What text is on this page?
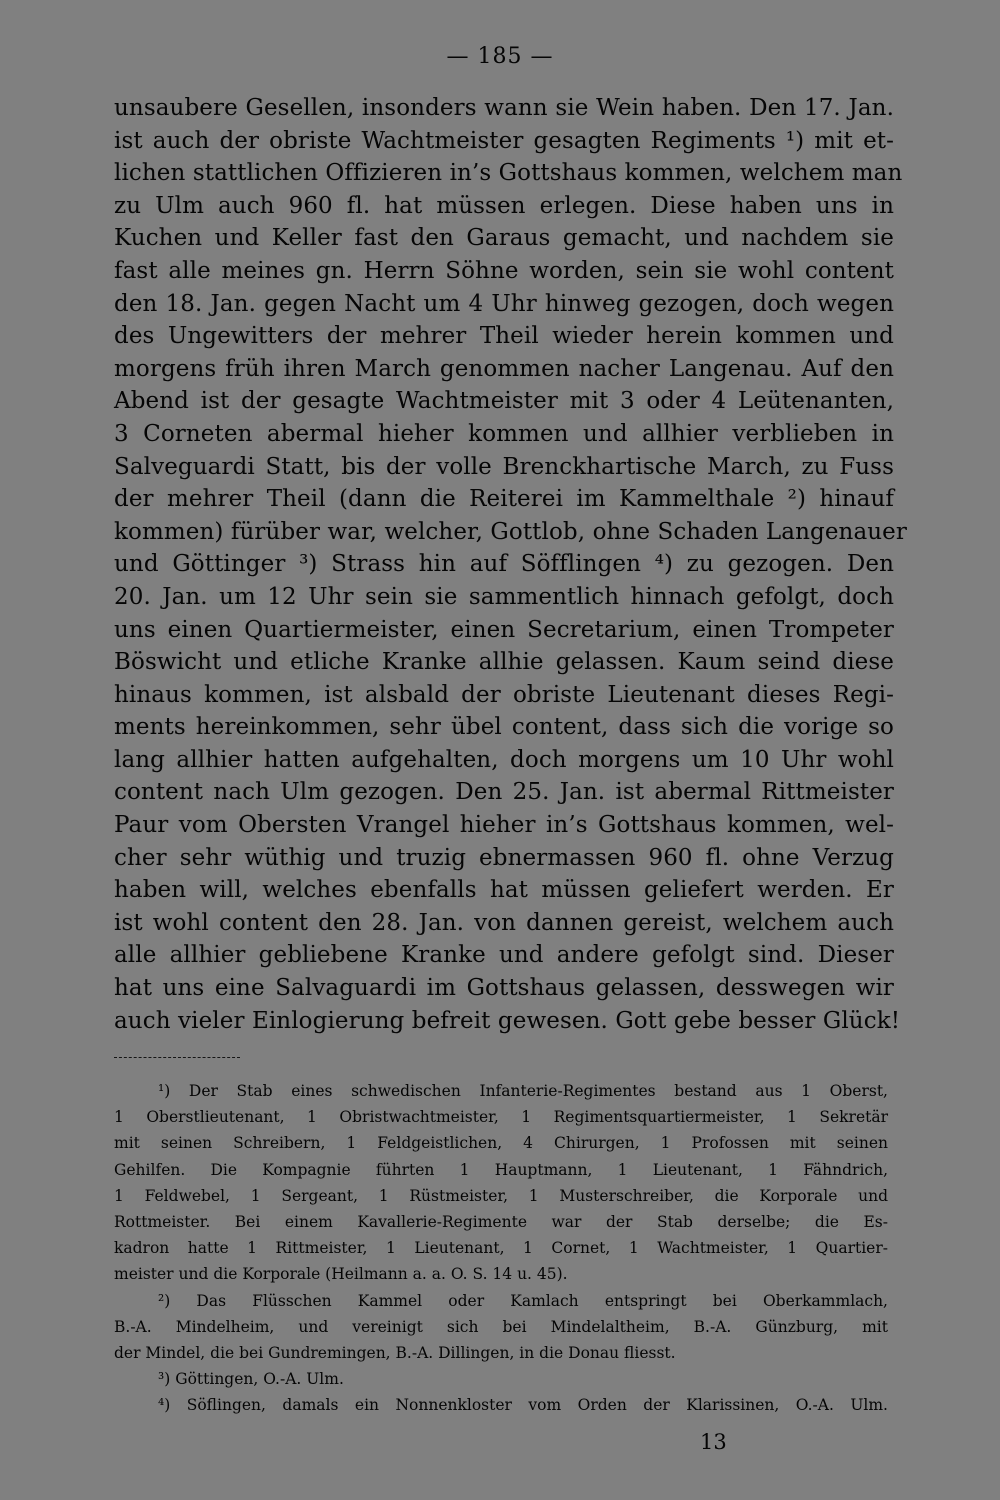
— 185 —
unsaubere Gesellen, insonders wann sie Wein haben. Den 17. Jan.
ist auch der obriste Wachtmeister gesagten Regiments ¹) mit et-
lichen stattlichen Offizieren in’s Gottshaus kommen, welchem man
zu Ulm auch 960 fl. hat müssen erlegen. Diese haben uns in
Kuchen und Keller fast den Garaus gemacht, und nachdem sie
fast alle meines gn. Herrn Söhne worden, sein sie wohl content
den 18. Jan. gegen Nacht um 4 Uhr hinweg gezogen, doch wegen
des Ungewitters der mehrer Theil wieder herein kommen und
morgens früh ihren March genommen nacher Langenau. Auf den
Abend ist der gesagte Wachtmeister mit 3 oder 4 Leütenanten,
3 Corneten abermal hieher kommen und allhier verblieben in
Salveguardi Statt, bis der volle Brenckhartische March, zu Fuss
der mehrer Theil (dann die Reiterei im Kammelthale ²) hinauf
kommen) fürüber war, welcher, Gottlob, ohne Schaden Langenauer
und Göttinger ³) Strass hin auf Söfflingen ⁴) zu gezogen. Den
20. Jan. um 12 Uhr sein sie sammentlich hinnach gefolgt, doch
uns einen Quartiermeister, einen Secretarium, einen Trompeter
Böswicht und etliche Kranke allhie gelassen. Kaum seind diese
hinaus kommen, ist alsbald der obriste Lieutenant dieses Regi-
ments hereinkommen, sehr übel content, dass sich die vorige so
lang allhier hatten aufgehalten, doch morgens um 10 Uhr wohl
content nach Ulm gezogen. Den 25. Jan. ist abermal Rittmeister
Paur vom Obersten Vrangel hieher in’s Gottshaus kommen, wel-
cher sehr wüthig und truzig ebnermassen 960 fl. ohne Verzug
haben will, welches ebenfalls hat müssen geliefert werden. Er
ist wohl content den 28. Jan. von dannen gereist, welchem auch
alle allhier gebliebene Kranke und andere gefolgt sind. Dieser
hat uns eine Salvaguardi im Gottshaus gelassen, desswegen wir
auch vieler Einlogierung befreit gewesen. Gott gebe besser Glück!
¹) Der Stab eines schwedischen Infanterie-Regimentes bestand aus 1 Oberst,
1 Oberstlieutenant, 1 Obristwachtmeister, 1 Regimentsquartiermeister, 1 Sekretär
mit seinen Schreibern, 1 Feldgeistlichen, 4 Chirurgen, 1 Profossen mit seinen
Gehilfen. Die Kompagnie führten 1 Hauptmann, 1 Lieutenant, 1 Fähndrich,
1 Feldwebel, 1 Sergeant, 1 Rüstmeister, 1 Musterschreiber, die Korporale und
Rottmeister. Bei einem Kavallerie-Regimente war der Stab derselbe; die Es-
kadron hatte 1 Rittmeister, 1 Lieutenant, 1 Cornet, 1 Wachtmeister, 1 Quartier-
meister und die Korporale (Heilmann a. a. O. S. 14 u. 45).
²) Das Flüsschen Kammel oder Kamlach entspringt bei Oberkammlach,
B.-A. Mindelheim, und vereinigt sich bei Mindelaltheim, B.-A. Günzburg, mit
der Mindel, die bei Gundremingen, B.-A. Dillingen, in die Donau fliesst.
³) Göttingen, O.-A. Ulm.
⁴) Söflingen, damals ein Nonnenkloster vom Orden der Klarissinen, O.-A. Ulm.
13
